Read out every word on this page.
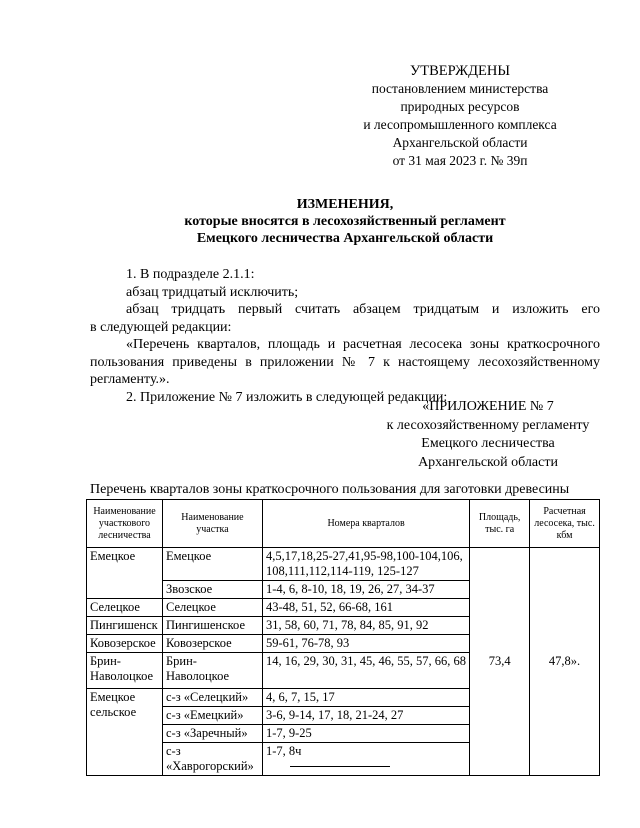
УТВЕРЖДЕНЫ
постановлением министерства
природных ресурсов
и лесопромышленного комплекса
Архангельской области
от 31 мая 2023 г. № 39п
ИЗМЕНЕНИЯ,
которые вносятся в лесохозяйственный регламент
Емецкого лесничества Архангельской области

1. В подразделе 2.1.1:

абзац тридцатый исключить;

абзац тридцать первый считать абзацем тридцатым и изложить его

в следующей редакции:

«Перечень кварталов, площадь и расчетная лесосека зоны краткосрочного

пользования приведены в приложении № 7 к настоящему лесохозяйственному

регламенту.».

2. Приложение № 7 изложить в следующей редакции:

«ПРИЛОЖЕНИЕ № 7
к лесохозяйственному регламенту
Емецкого лесничества
Архангельской области
Перечень кварталов зоны краткосрочного пользования для заготовки древесины
Наименование участкового лесничества	Наименование участка	Номера кварталов	Площадь, тыс. га	Расчетная лесосека, тыс. кбм
Емецкое	Емецкое	4,5,17,18,25-27,41,95-98,100-104,106, 108,111,112,114-119, 125-127	73,4	47,8».
	Звозское	1-4, 6, 8-10, 18, 19, 26, 27, 34-37		
Селецкое	Селецкое	43-48, 51, 52, 66-68, 161		
Пингишенск	Пингишенское	31, 58, 60, 71, 78, 84, 85, 91, 92		
Ковозерское	Ковозерское	59-61, 76-78, 93		
Брин-Наволоцкое	Брин-Наволоцкое	14, 16, 29, 30, 31, 45, 46, 55, 57, 66, 68		
Емецкое сельское	с-з «Селецкий»	4, 6, 7, 15, 17		
	с-з «Емецкий»	3-6, 9-14, 17, 18, 21-24, 27		
	с-з «Заречный»	1-7, 9-25		
	с-з «Хаврогорский»	1-7, 8ч		
